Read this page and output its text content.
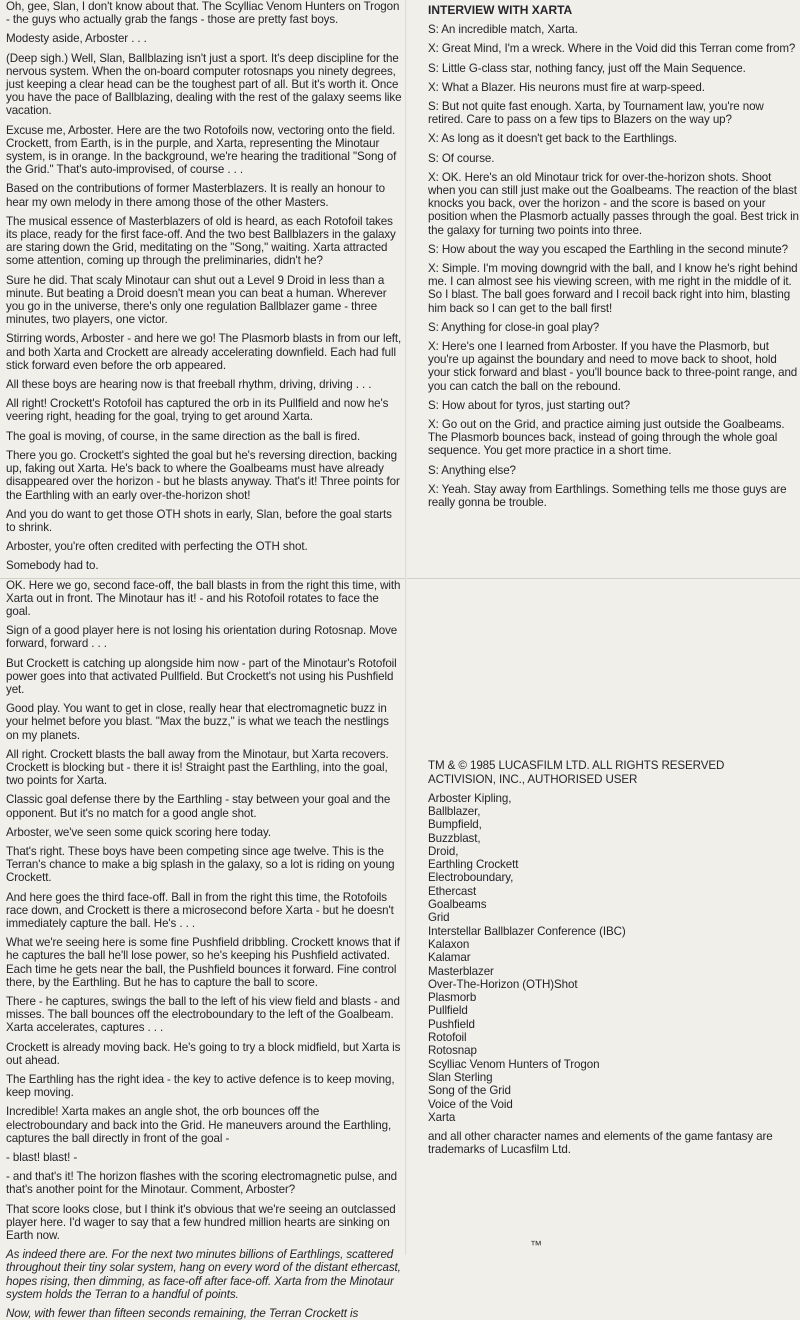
Oh, gee, Slan, I don't know about that. The Scylliac Venom Hunters on Trogon - the guys who actually grab the fangs - those are pretty fast boys.

Modesty aside, Arboster . . .

(Deep sigh.) Well, Slan, Ballblazing isn't just a sport. It's deep discipline for the nervous system. When the on-board computer rotosnaps you ninety degrees, just keeping a clear head can be the toughest part of all. But it's worth it. Once you have the pace of Ballblazing, dealing with the rest of the galaxy seems like vacation.

Excuse me, Arboster. Here are the two Rotofoils now, vectoring onto the field. Crockett, from Earth, is in the purple, and Xarta, representing the Minotaur system, is in orange. In the background, we're hearing the traditional "Song of the Grid." That's auto-improvised, of course . . .

Based on the contributions of former Masterblazers. It is really an honour to hear my own melody in there among those of the other Masters.

The musical essence of Masterblazers of old is heard, as each Rotofoil takes its place, ready for the first face-off. And the two best Ballblazers in the galaxy are staring down the Grid, meditating on the "Song," waiting. Xarta attracted some attention, coming up through the preliminaries, didn't he?

Sure he did. That scaly Minotaur can shut out a Level 9 Droid in less than a minute. But beating a Droid doesn't mean you can beat a human. Wherever you go in the universe, there's only one regulation Ballblazer game - three minutes, two players, one victor.

Stirring words, Arboster - and here we go! The Plasmorb blasts in from our left, and both Xarta and Crockett are already accelerating downfield. Each had full stick forward even before the orb appeared.

All these boys are hearing now is that freeball rhythm, driving, driving . . .

All right! Crockett's Rotofoil has captured the orb in its Pullfield and now he's veering right, heading for the goal, trying to get around Xarta.

The goal is moving, of course, in the same direction as the ball is fired.

There you go. Crockett's sighted the goal but he's reversing direction, backing up, faking out Xarta. He's back to where the Goalbeams must have already disappeared over the horizon - but he blasts anyway. That's it! Three points for the Earthling with an early over-the-horizon shot!

And you do want to get those OTH shots in early, Slan, before the goal starts to shrink.

Arboster, you're often credited with perfecting the OTH shot.

Somebody had to.

OK. Here we go, second face-off, the ball blasts in from the right this time, with Xarta out in front. The Minotaur has it! - and his Rotofoil rotates to face the goal.

Sign of a good player here is not losing his orientation during Rotosnap. Move forward, forward . . .

But Crockett is catching up alongside him now - part of the Minotaur's Rotofoil power goes into that activated Pullfield. But Crockett's not using his Pushfield yet.

Good play. You want to get in close, really hear that electromagnetic buzz in your helmet before you blast. "Max the buzz," is what we teach the nestlings on my planets.

All right. Crockett blasts the ball away from the Minotaur, but Xarta recovers. Crockett is blocking but - there it is! Straight past the Earthling, into the goal, two points for Xarta.

Classic goal defense there by the Earthling - stay between your goal and the opponent. But it's no match for a good angle shot.

Arboster, we've seen some quick scoring here today.

That's right. These boys have been competing since age twelve. This is the Terran's chance to make a big splash in the galaxy, so a lot is riding on young Crockett.

And here goes the third face-off. Ball in from the right this time, the Rotofoils race down, and Crockett is there a microsecond before Xarta - but he doesn't immediately capture the ball. He's . . .

What we're seeing here is some fine Pushfield dribbling. Crockett knows that if he captures the ball he'll lose power, so he's keeping his Pushfield activated. Each time he gets near the ball, the Pushfield bounces it forward. Fine control there, by the Earthling. But he has to capture the ball to score.

There - he captures, swings the ball to the left of his view field and blasts - and misses. The ball bounces off the electroboundary to the left of the Goalbeam. Xarta accelerates, captures . . .

Crockett is already moving back. He's going to try a block midfield, but Xarta is out ahead.

The Earthling has the right idea - the key to active defence is to keep moving, keep moving.

Incredible! Xarta makes an angle shot, the orb bounces off the electroboundary and back into the Grid. He maneuvers around the Earthling, captures the ball directly in front of the goal -

- blast! blast! -

- and that's it! The horizon flashes with the scoring electromagnetic pulse, and that's another point for the Minotaur. Comment, Arboster?

That score looks close, but I think it's obvious that we're seeing an outclassed player here. I'd wager to say that a few hundred million hearts are sinking on Earth now.

As indeed there are. For the next two minutes billions of Earthlings, scattered throughout their tiny solar system, hang on every word of the distant ethercast, hopes rising, then dimming, as face-off after face-off. Xarta from the Minotaur system holds the Terran to a handful of points.

Now, with fewer than fifteen seconds remaining, the Terran Crockett is

INTERVIEW WITH XARTA

S: An incredible match, Xarta.

X: Great Mind, I'm a wreck. Where in the Void did this Terran come from?

S: Little G-class star, nothing fancy, just off the Main Sequence.

X: What a Blazer. His neurons must fire at warp-speed.

S: But not quite fast enough. Xarta, by Tournament law, you're now retired. Care to pass on a few tips to Blazers on the way up?

X: As long as it doesn't get back to the Earthlings.

S: Of course.

X: OK. Here's an old Minotaur trick for over-the-horizon shots. Shoot when you can still just make out the Goalbeams. The reaction of the blast knocks you back, over the horizon - and the score is based on your position when the Plasmorb actually passes through the goal. Best trick in the galaxy for turning two points into three.

S: How about the way you escaped the Earthling in the second minute?

X: Simple. I'm moving downgrid with the ball, and I know he's right behind me. I can almost see his viewing screen, with me right in the middle of it. So I blast. The ball goes forward and I recoil back right into him, blasting him back so I can get to the ball first!

S: Anything for close-in goal play?

X: Here's one I learned from Arboster. If you have the Plasmorb, but you're up against the boundary and need to move back to shoot, hold your stick forward and blast - you'll bounce back to three-point range, and you can catch the ball on the rebound.

S: How about for tyros, just starting out?

X: Go out on the Grid, and practice aiming just outside the Goalbeams. The Plasmorb bounces back, instead of going through the whole goal sequence. You get more practice in a short time.

S: Anything else?

X: Yeah. Stay away from Earthlings. Something tells me those guys are really gonna be trouble.

TM & © 1985 LUCASFILM LTD. ALL RIGHTS RESERVED
ACTIVISION, INC., AUTHORISED USER
Arboster Kipling,
Ballblazer,
Bumpfield,
Buzzblast,
Droid,
Earthling Crockett
Electroboundary,
Ethercast
Goalbeams
Grid
Interstellar Ballblazer Conference (IBC)
Kalaxon
Kalamar
Masterblazer
Over-The-Horizon (OTH)Shot
Plasmorb
Pullfield
Pushfield
Rotofoil
Rotosnap
Scylliac Venom Hunters of Trogon
Slan Sterling
Song of the Grid
Voice of the Void
Xarta

and all other character names and elements of the game fantasy are trademarks of Lucasfilm Ltd.

™
